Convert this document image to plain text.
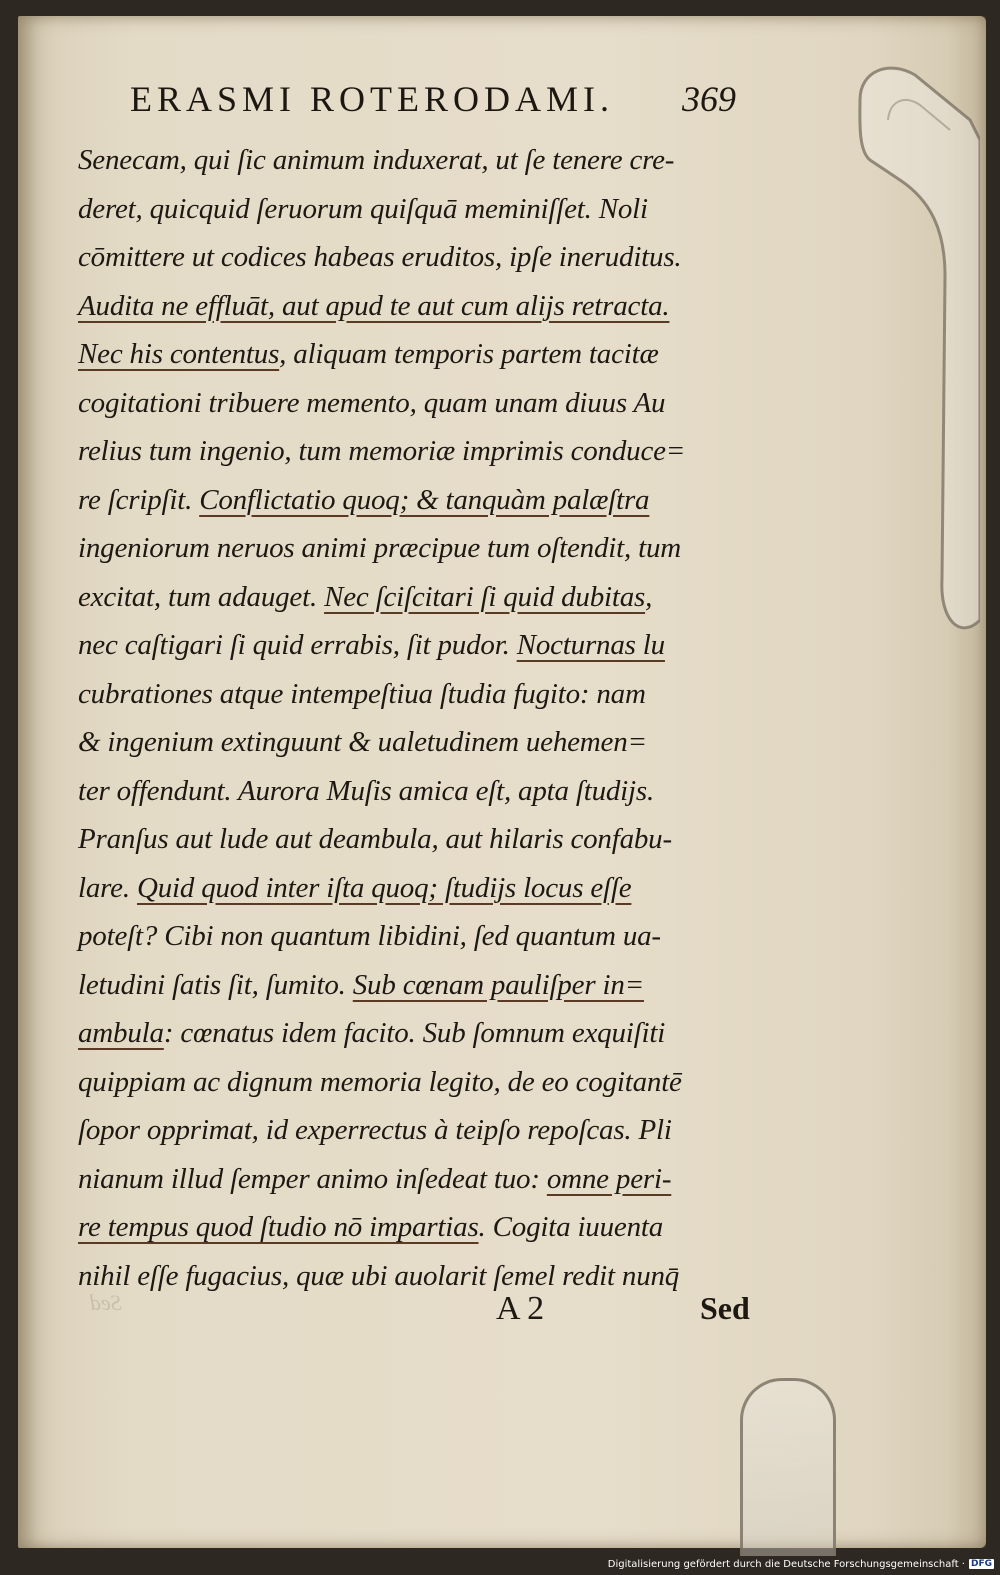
ERASMI ROTERODAMI. 369
Senecam, qui ſic animum induxerat, ut ſe tenere cre-
deret, quicquid ſeruorum quiſquā meminiſſet. Noli
cōmittere ut codices habeas eruditos, ipſe ineruditus.
Audita ne effluāt, aut apud te aut cum alijs retracta.
Nec his contentus, aliquam temporis partem tacitæ
cogitationi tribuere memento, quam unam diuus Au
relius tum ingenio, tum memoriæ imprimis conduce=
re ſcripſit. Conflictatio quoq; & tanquàm palæſtra
ingeniorum neruos animi præcipue tum oſtendit, tum
excitat, tum adauget. Nec ſciſcitari ſi quid dubitas,
nec caſtigari ſi quid errabis, ſit pudor. Nocturnas lu
cubrationes atque intempeſtiua ſtudia fugito: nam
& ingenium extinguunt & ualetudinem uehemen=
ter offendunt. Aurora Muſis amica eſt, apta ſtudijs.
Pranſus aut lude aut deambula, aut hilaris confabu-
lare. Quid quod inter iſta quoq; ſtudijs locus eſſe
poteſt? Cibi non quantum libidini, ſed quantum ua-
letudini ſatis ſit, ſumito. Sub cœnam pauliſper in=
ambula: cœnatus idem facito. Sub ſomnum exquiſiti
quippiam ac dignum memoria legito, de eo cogitantē
ſopor opprimat, id experrectus à teipſo repoſcas. Pli
nianum illud ſemper animo inſedeat tuo: omne peri-
re tempus quod ſtudio nō impartias. Cogita iuuenta
nihil eſſe fugacius, quæ ubi auolarit ſemel redit nunq̄
Sed	A 2	Sed
Digitalisierung gefördert durch die Deutsche Forschungsgemeinschaft · DFG
